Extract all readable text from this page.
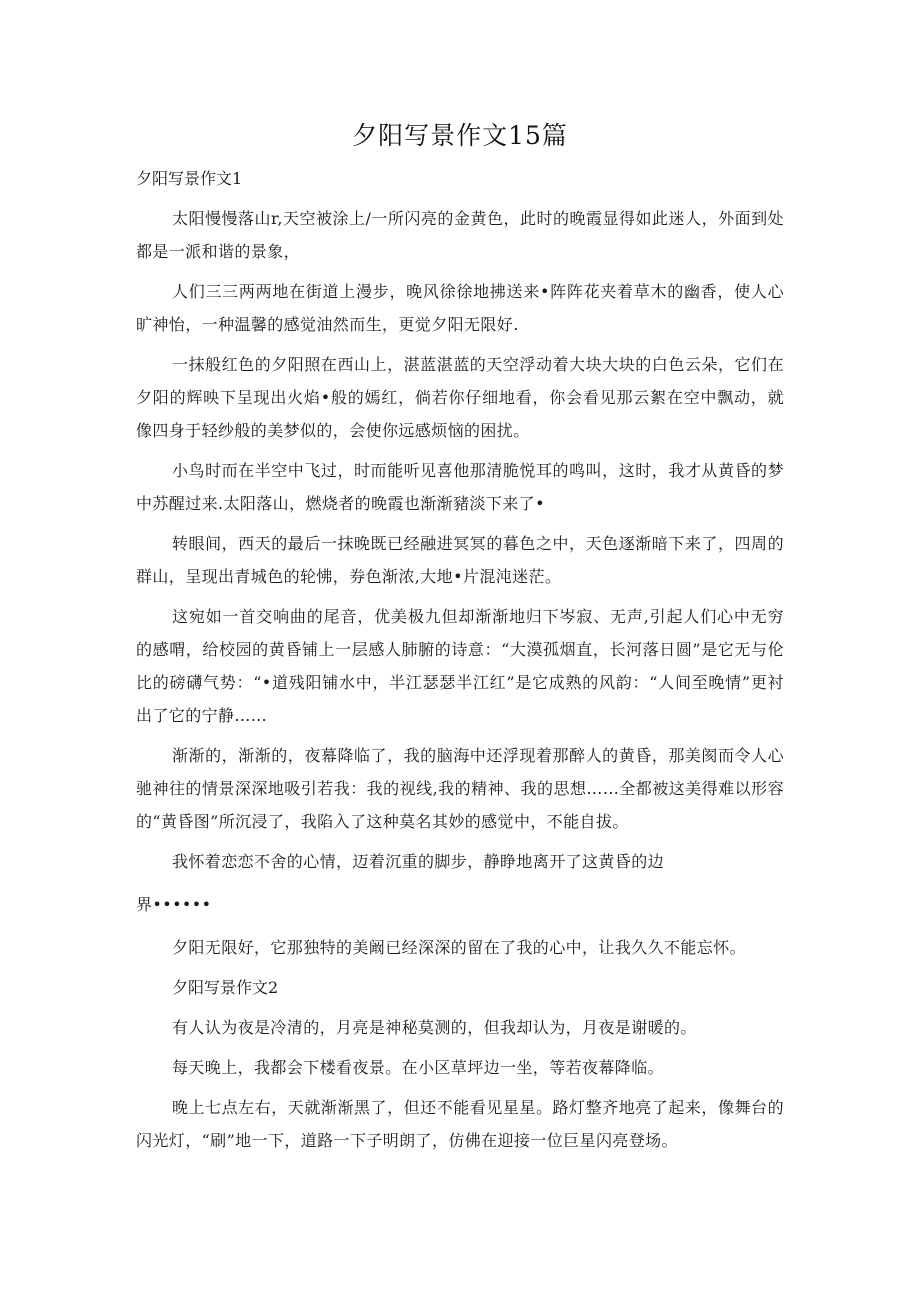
夕阳写景作文15篇
夕阳写景作文1

太阳慢慢落山r,天空被涂上/一所闪亮的金黄色，此时的晚霞显得如此迷人，外面到处都是一派和谐的景象，

人们三三两两地在街道上漫步，晚风徐徐地拂送来•阵阵花夹着草木的幽香，使人心旷神怡，一种温馨的感觉油然而生，更觉夕阳无限好.

一抹般红色的夕阳照在西山上，湛蓝湛蓝的天空浮动着大块大块的白色云朵，它们在夕阳的辉映下呈现出火焰•般的嫣红，倘若你仔细地看，你会看见那云絮在空中飘动，就像四身于轻纱般的美梦似的，会使你远感烦恼的困扰。

小鸟时而在半空中飞过，时而能听见喜他那清脆悦耳的鸣叫，这时，我才从黄昏的梦中苏醒过来.太阳落山，燃烧者的晚霞也渐渐豬淡下来了•

转眼间，西天的最后一抹晚既已经融进冥冥的暮色之中，天色逐渐暗下来了，四周的群山，呈现出青城色的轮怫，券色渐浓,大地•片混沌迷茫。

这宛如一首交响曲的尾音，优美极九但却渐渐地归下岑寂、无声,引起人们心中无穷的感喟，给校园的黄昏铺上一层感人肺腑的诗意：“大漠孤烟直，长河落日圆”是它无与伦比的磅礴气势：“•道残阳铺水中，半江瑟瑟半江红”是它成熟的风韵：“人间至晚情”更衬出了它的宁静……

渐渐的，渐渐的，夜幕降临了，我的脑海中还浮现着那醉人的黄昏，那美阂而令人心驰神往的情景深深地吸引若我：我的视线,我的精神、我的思想……全都被这美得难以形容的“黄昏图”所沉浸了，我陷入了这种莫名其妙的感觉中，不能自拔。

我怀着恋恋不舍的心情，迈着沉重的脚步，静睁地离开了这黄昏的边

界••••••

夕阳无限好，它那独特的美阚已经深深的留在了我的心中，让我久久不能忘怀。

夕阳写景作文2

有人认为夜是冷清的，月亮是神秘莫测的，但我却认为，月夜是谢暖的。

每天晚上，我都会下楼看夜景。在小区草坪边一坐，等若夜幕降临。

晚上七点左右，天就渐渐黑了，但还不能看见星星。路灯整齐地亮了起来，像舞台的闪光灯，“刷”地一下，道路一下子明朗了，仿佛在迎接一位巨星闪亮登场。
